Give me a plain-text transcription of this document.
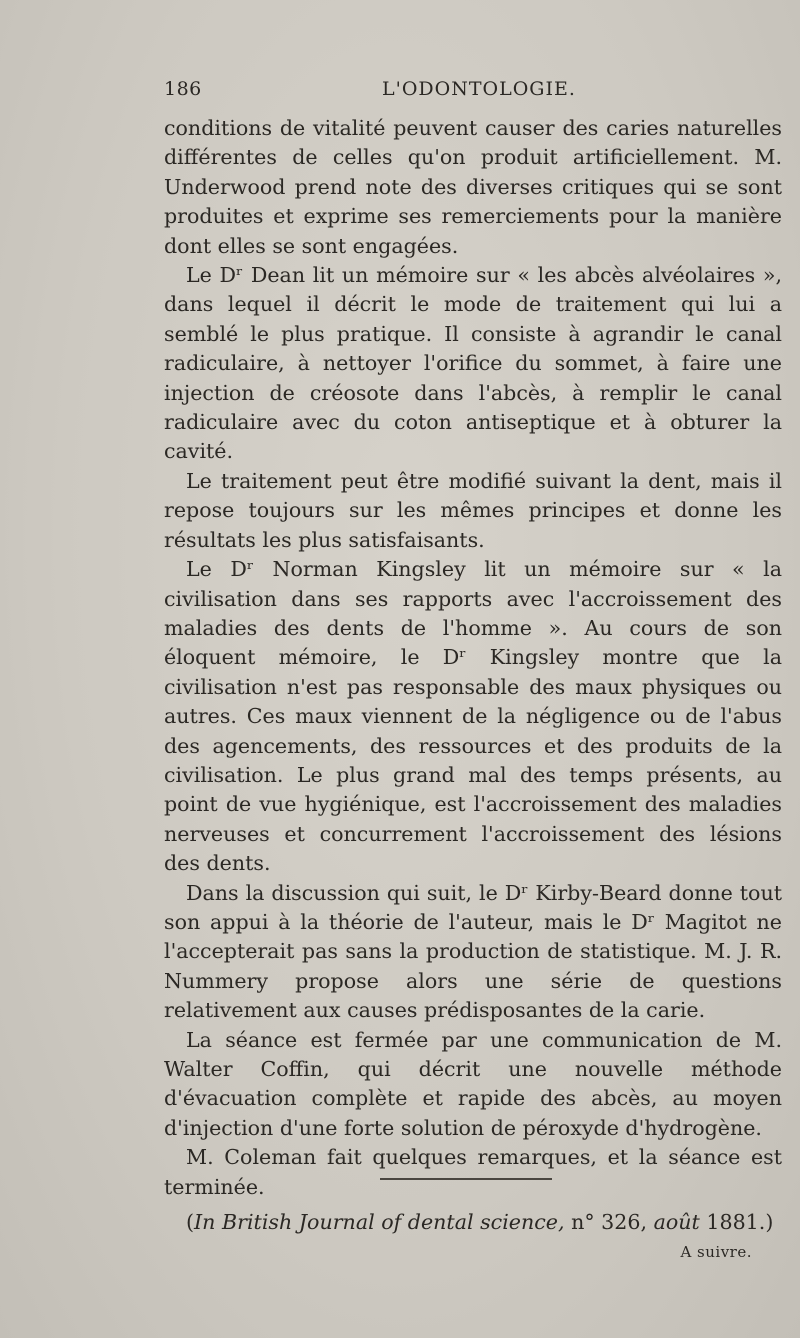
186	L'ODONTOLOGIE.

conditions de vitalité peuvent causer des caries naturelles différentes de celles qu'on produit artificiellement. M. Underwood prend note des diverses critiques qui se sont produites et exprime ses remerciements pour la manière dont elles se sont engagées.

Le Dʳ Dean lit un mémoire sur « les abcès alvéolaires », dans lequel il décrit le mode de traitement qui lui a semblé le plus pratique. Il consiste à agrandir le canal radiculaire, à nettoyer l'orifice du sommet, à faire une injection de créosote dans l'abcès, à remplir le canal radiculaire avec du coton antiseptique et à obturer la cavité.

Le traitement peut être modifié suivant la dent, mais il repose toujours sur les mêmes principes et donne les résultats les plus satisfaisants.

Le Dʳ Norman Kingsley lit un mémoire sur « la civilisation dans ses rapports avec l'accroissement des maladies des dents de l'homme ». Au cours de son éloquent mémoire, le Dʳ Kingsley montre que la civilisation n'est pas responsable des maux physiques ou autres. Ces maux viennent de la négligence ou de l'abus des agencements, des ressources et des produits de la civilisation. Le plus grand mal des temps présents, au point de vue hygiénique, est l'accroissement des maladies nerveuses et concurrement l'accroissement des lésions des dents.

Dans la discussion qui suit, le Dʳ Kirby-Beard donne tout son appui à la théorie de l'auteur, mais le Dʳ Magitot ne l'accepterait pas sans la production de statistique. M. J. R. Nummery propose alors une série de questions relativement aux causes prédisposantes de la carie.

La séance est fermée par une communication de M. Walter Coffin, qui décrit une nouvelle méthode d'évacuation complète et rapide des abcès, au moyen d'injection d'une forte solution de péroxyde d'hydrogène.

M. Coleman fait quelques remarques, et la séance est terminée.

(In British Journal of dental science, n° 326, août 1881.)
A suivre.
